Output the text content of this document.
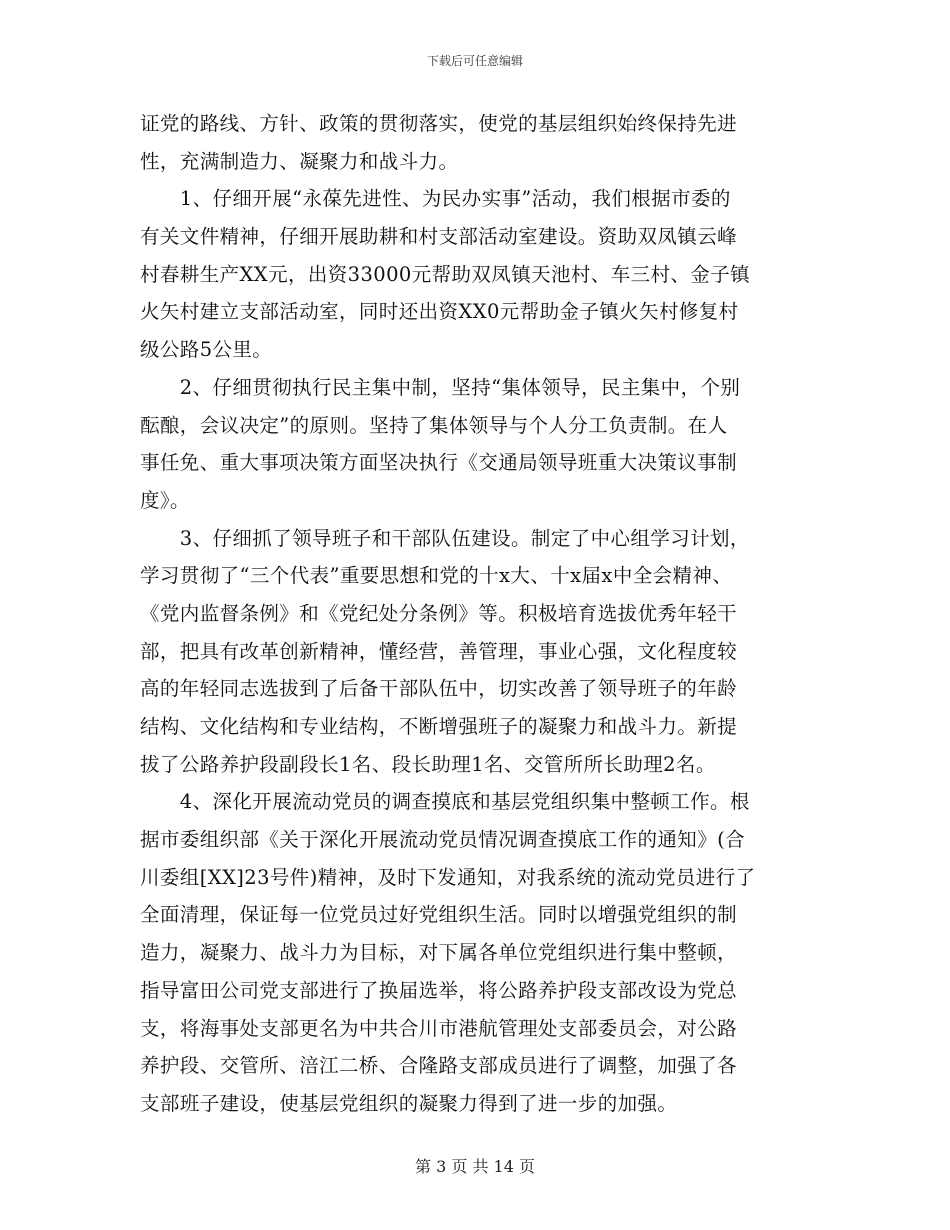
下载后可任意编辑
证党的路线、方针、政策的贯彻落实，使党的基层组织始终保持先进
性，充满制造力、凝聚力和战斗力。
　　1、仔细开展“永葆先进性、为民办实事”活动，我们根据市委的
有关文件精神，仔细开展助耕和村支部活动室建设。资助双凤镇云峰
村春耕生产XX元，出资33000元帮助双凤镇天池村、车三村、金子镇
火矢村建立支部活动室，同时还出资XX0元帮助金子镇火矢村修复村
级公路5公里。
　　2、仔细贯彻执行民主集中制，坚持“集体领导，民主集中，个别
酝酿，会议决定”的原则。坚持了集体领导与个人分工负责制。在人
事任免、重大事项决策方面坚决执行《交通局领导班重大决策议事制
度》。
　　3、仔细抓了领导班子和干部队伍建设。制定了中心组学习计划，
学习贯彻了“三个代表”重要思想和党的十x大、十x届x中全会精神、
《党内监督条例》和《党纪处分条例》等。积极培育选拔优秀年轻干
部，把具有改革创新精神，懂经营，善管理，事业心强，文化程度较
高的年轻同志选拔到了后备干部队伍中，切实改善了领导班子的年龄
结构、文化结构和专业结构，不断增强班子的凝聚力和战斗力。新提
拔了公路养护段副段长1名、段长助理1名、交管所所长助理2名。
　　4、深化开展流动党员的调查摸底和基层党组织集中整顿工作。根
据市委组织部《关于深化开展流动党员情况调查摸底工作的通知》(合
川委组[XX]23号件)精神，及时下发通知，对我系统的流动党员进行了
全面清理，保证每一位党员过好党组织生活。同时以增强党组织的制
造力，凝聚力、战斗力为目标，对下属各单位党组织进行集中整顿，
指导富田公司党支部进行了换届选举，将公路养护段支部改设为党总
支，将海事处支部更名为中共合川市港航管理处支部委员会，对公路
养护段、交管所、涪江二桥、合隆路支部成员进行了调整，加强了各
支部班子建设，使基层党组织的凝聚力得到了进一步的加强。
第 3 页 共 14 页
